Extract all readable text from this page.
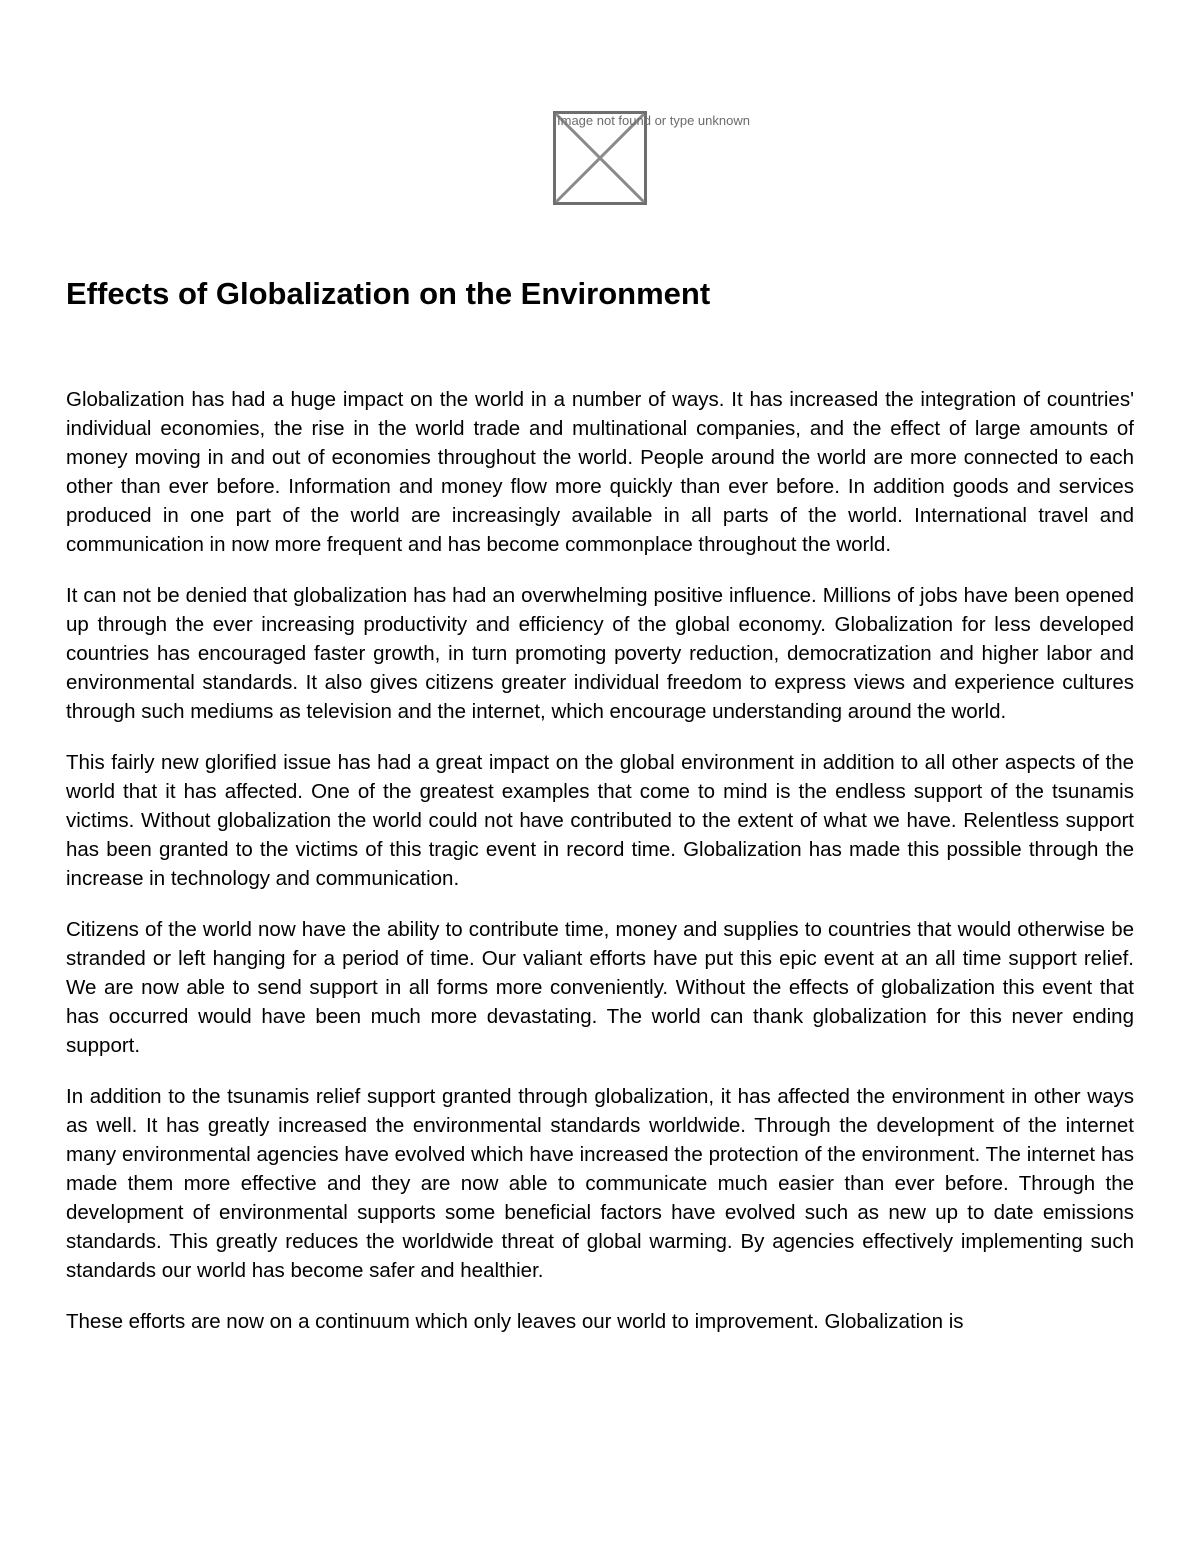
Image not found or type unknown
Effects of Globalization on the Environment

Globalization has had a huge impact on the world in a number of ways. It has increased the integration of countries' individual economies, the rise in the world trade and multinational companies, and the effect of large amounts of money moving in and out of economies throughout the world. People around the world are more connected to each other than ever before. Information and money flow more quickly than ever before. In addition goods and services produced in one part of the world are increasingly available in all parts of the world. International travel and communication in now more frequent and has become commonplace throughout the world.

It can not be denied that globalization has had an overwhelming positive influence. Millions of jobs have been opened up through the ever increasing productivity and efficiency of the global economy. Globalization for less developed countries has encouraged faster growth, in turn promoting poverty reduction, democratization and higher labor and environmental standards. It also gives citizens greater individual freedom to express views and experience cultures through such mediums as television and the internet, which encourage understanding around the world.

This fairly new glorified issue has had a great impact on the global environment in addition to all other aspects of the world that it has affected. One of the greatest examples that come to mind is the endless support of the tsunamis victims. Without globalization the world could not have contributed to the extent of what we have. Relentless support has been granted to the victims of this tragic event in record time. Globalization has made this possible through the increase in technology and communication.

Citizens of the world now have the ability to contribute time, money and supplies to countries that would otherwise be stranded or left hanging for a period of time. Our valiant efforts have put this epic event at an all time support relief. We are now able to send support in all forms more conveniently. Without the effects of globalization this event that has occurred would have been much more devastating. The world can thank globalization for this never ending support.

In addition to the tsunamis relief support granted through globalization, it has affected the environment in other ways as well. It has greatly increased the environmental standards worldwide. Through the development of the internet many environmental agencies have evolved which have increased the protection of the environment. The internet has made them more effective and they are now able to communicate much easier than ever before. Through the development of environmental supports some beneficial factors have evolved such as new up to date emissions standards. This greatly reduces the worldwide threat of global warming. By agencies effectively implementing such standards our world has become safer and healthier.

These efforts are now on a continuum which only leaves our world to improvement. Globalization is
